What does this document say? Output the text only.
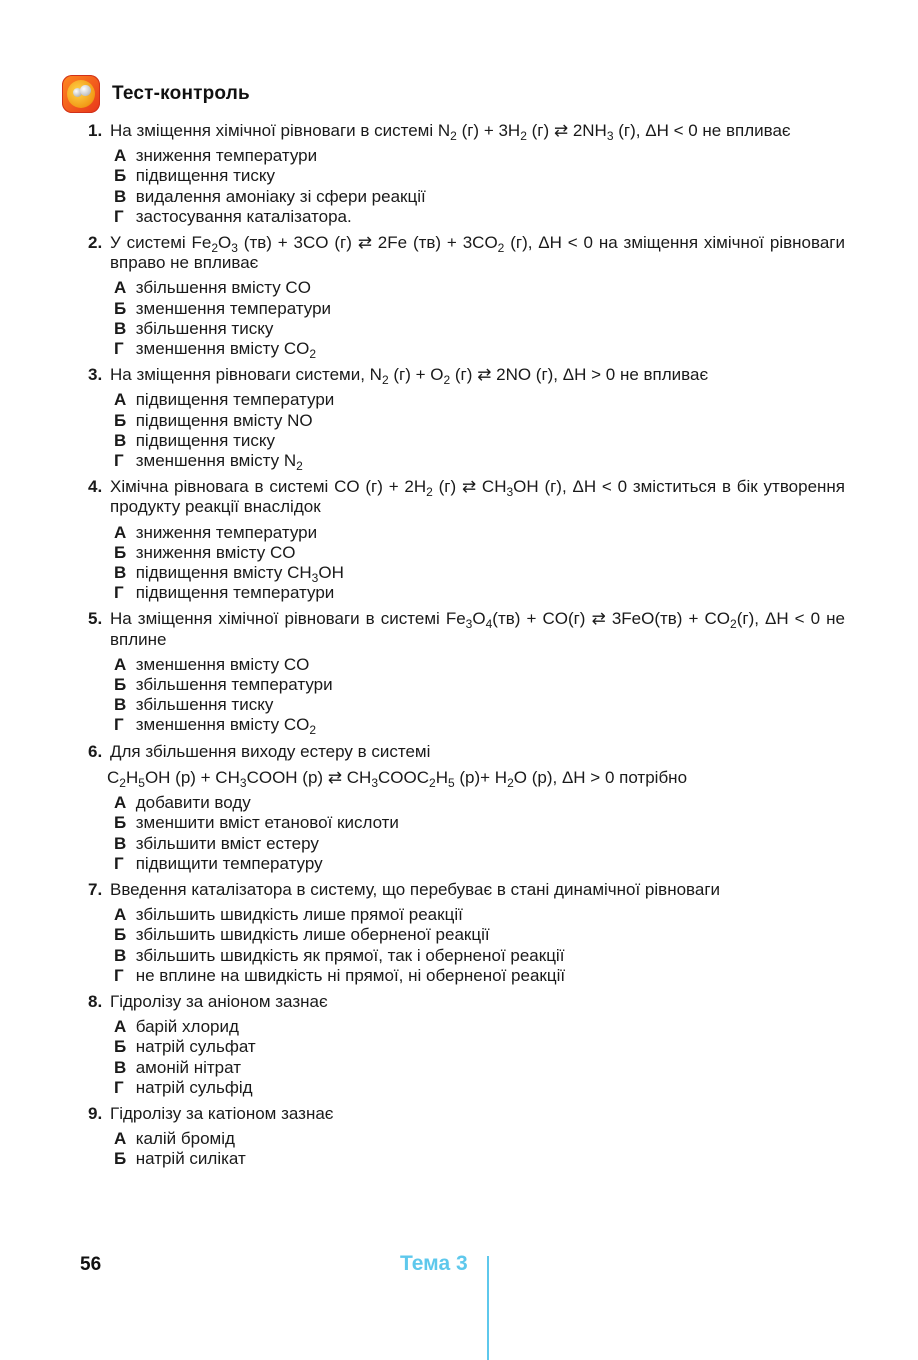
Тест-контроль
1. На зміщення хімічної рівноваги в системі $N_2$ $(г) + 3H_2$ (г) ⇄ $2NH_3$ (г), ΔH < 0 не впливає
А зниження температури
Б підвищення тиску
В видалення амоніаку зі сфери реакції
Г застосування каталізатора.
2. У системі $Fe_2O_3$ (тв) + 3CO (г) ⇄ 2Fe $(тв) + 3CO_2$ (г), ΔH < 0 на зміщення хімічної рівноваги вправо не впливає
А збільшення вмісту CO
Б зменшення температури
В збільшення тиску
Г зменшення вмісту $CO_2$
3. На зміщення рівноваги системи, $N_2$ $(г) + O_2$ (г) ⇄ 2NO (г), ΔH > 0 не впливає
А підвищення температури
Б підвищення вмісту NO
В підвищення тиску
Г зменшення вмісту $N_2$
4. Хімічна рівновага в системі CO $(г) + 2H_2$ (г) ⇄ $CH_3OH$ (г), ΔH < 0 зміститься в бік утворення продукту реакції внаслідок
А зниження температури
Б зниження вмісту CO
В підвищення вмісту $CH_3OH$
Г підвищення температури
5. На зміщення хімічної рівноваги в системі $Fe_3O_4(тв) + CO(г)$ ⇄ $3FeO(тв) + CO_2(г)$, ΔH < 0 не вплине
А зменшення вмісту CO
Б збільшення температури
В збільшення тиску
Г зменшення вмісту $CO_2$
6. Для збільшення виходу естеру в системі
$C_2H_5OH$ $(р) + CH_3COOH$ (р) ⇄ $CH_3COOC_2H_5$ $(р)+ H_2O$ (р), ΔH > 0 потрібно
А добавити воду
Б зменшити вміст етанової кислоти
В збільшити вміст естеру
Г підвищити температуру
7. Введення каталізатора в систему, що перебуває в стані динамічної рівноваги
А збільшить швидкість лише прямої реакції
Б збільшить швидкість лише оберненої реакції
В збільшить швидкість як прямої, так і оберненої реакції
Г не вплине на швидкість ні прямої, ні оберненої реакції
8. Гідролізу за аніоном зазнає
А барій хлорид
Б натрій сульфат
В амоній нітрат
Г натрій сульфід
9. Гідролізу за катіоном зазнає
А калій бромід
Б натрій силікат
56	Тема 3
